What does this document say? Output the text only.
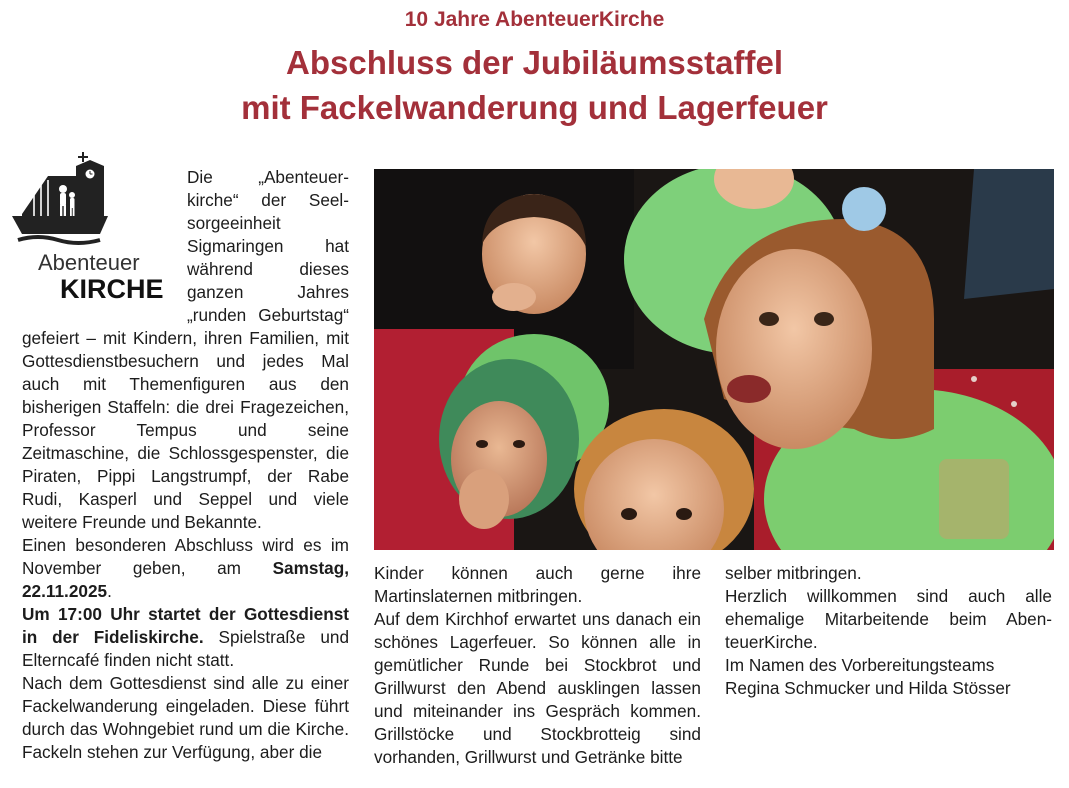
10 Jahre AbenteuerKirche
Abschluss der Jubiläumsstaffel
mit Fackelwanderung und Lagerfeuer
Abenteuer
KIRCHE

Die „Abenteuerkirche“ der Seelsorgeeinheit Sigmaringen hat während dieses ganzen Jahres „runden Geburtstag“ gefeiert – mit Kindern, ihren Familien, mit Gottesdienstbesuchern und jedes Mal auch mit Themenfiguren aus den bisherigen Staffeln: die drei Fragezeichen, Professor Tempus und seine Zeitmaschine, die Schlossgespenster, die Piraten, Pippi Langstrumpf, der Rabe Rudi, Kasperl und Seppel und viele weitere Freunde und Bekannte.

Einen besonderen Abschluss wird es im November geben, am Samstag, 22.11.2025.

Um 17:00 Uhr startet der Gottesdienst in der Fideliskirche. Spielstraße und Elterncafé finden nicht statt.

Nach dem Gottesdienst sind alle zu einer Fackelwanderung eingeladen. Diese führt durch das Wohngebiet rund um die Kirche. Fackeln stehen zur Verfügung, aber die

Kinder können auch gerne ihre Martinslaternen mitbringen.

Auf dem Kirchhof erwartet uns danach ein schönes Lagerfeuer. So können alle in gemütlicher Runde bei Stockbrot und Grillwurst den Abend ausklingen lassen und miteinander ins Gespräch kommen. Grillstöcke und Stockbrotteig sind vorhanden, Grillwurst und Getränke bitte

selber mitbringen.

Herzlich willkommen sind auch alle ehemalige Mitarbeitende beim AbenteuerKirche.

Im Namen des Vorbereitungsteams

Regina Schmucker und Hilda Stösser
